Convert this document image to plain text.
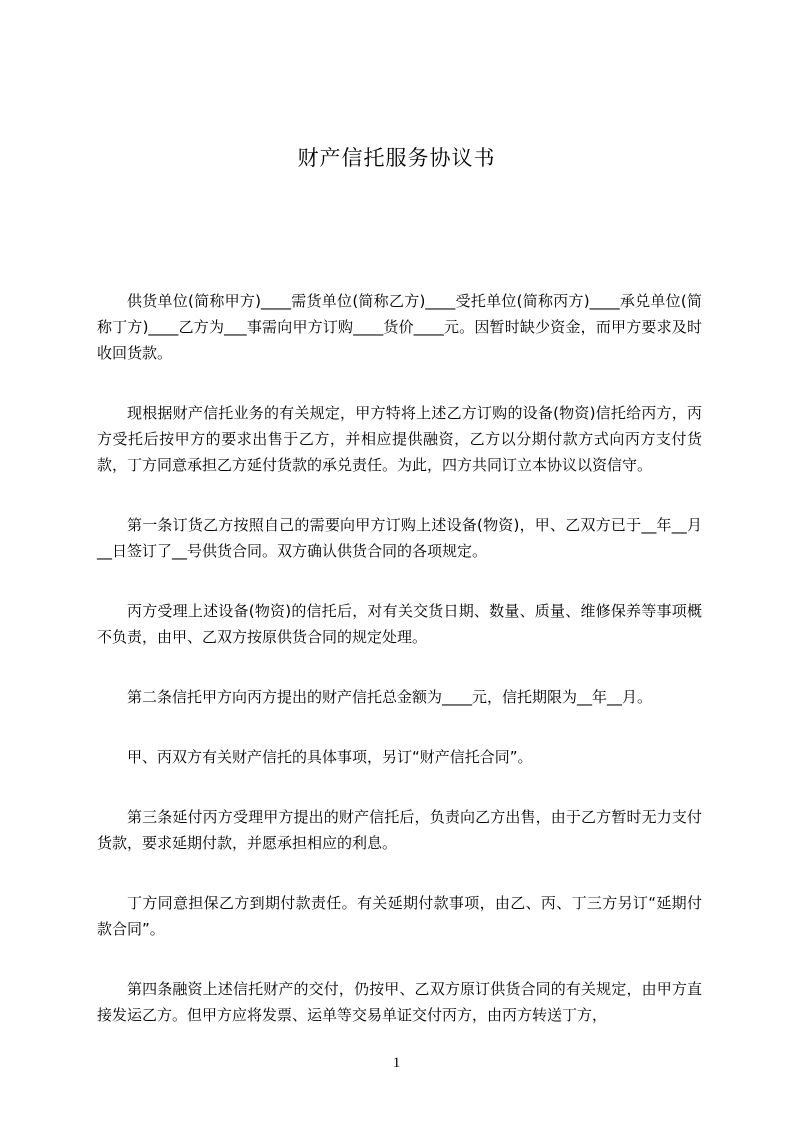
财产信托服务协议书

供货单位(简称甲方)____需货单位(简称乙方)____受托单位(简称丙方)____承兑单位(简称丁方)____乙方为___事需向甲方订购____货价____元。因暂时缺少资金，而甲方要求及时收回货款。

现根据财产信托业务的有关规定，甲方特将上述乙方订购的设备(物资)信托给丙方，丙方受托后按甲方的要求出售于乙方，并相应提供融资，乙方以分期付款方式向丙方支付货款，丁方同意承担乙方延付货款的承兑责任。为此，四方共同订立本协议以资信守。

第一条订货乙方按照自己的需要向甲方订购上述设备(物资)，甲、乙双方已于__年__月__日签订了__号供货合同。双方确认供货合同的各项规定。

丙方受理上述设备(物资)的信托后，对有关交货日期、数量、质量、维修保养等事项概不负责，由甲、乙双方按原供货合同的规定处理。

第二条信托甲方向丙方提出的财产信托总金额为____元，信托期限为__年__月。

甲、丙双方有关财产信托的具体事项，另订“财产信托合同”。

第三条延付丙方受理甲方提出的财产信托后，负责向乙方出售，由于乙方暂时无力支付货款，要求延期付款，并愿承担相应的利息。

丁方同意担保乙方到期付款责任。有关延期付款事项，由乙、丙、丁三方另订“延期付款合同”。

第四条融资上述信托财产的交付，仍按甲、乙双方原订供货合同的有关规定，由甲方直接发运乙方。但甲方应将发票、运单等交易单证交付丙方，由丙方转送丁方，

1
